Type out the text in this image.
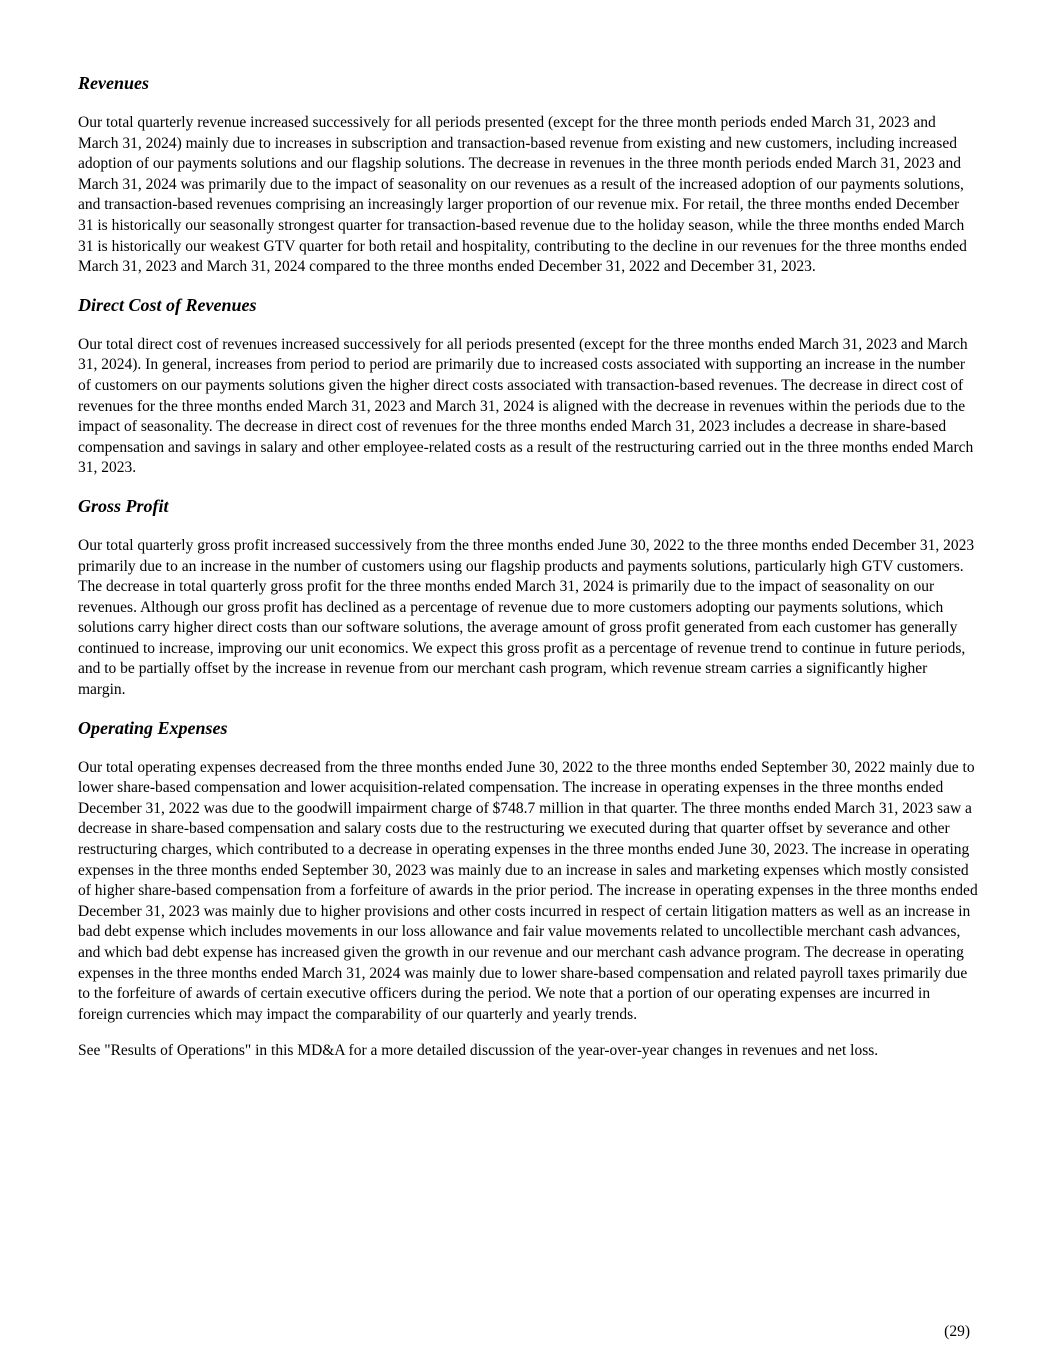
Revenues

Our total quarterly revenue increased successively for all periods presented (except for the three month periods ended March 31, 2023 and March 31, 2024) mainly due to increases in subscription and transaction-based revenue from existing and new customers, including increased adoption of our payments solutions and our flagship solutions. The decrease in revenues in the three month periods ended March 31, 2023 and March 31, 2024 was primarily due to the impact of seasonality on our revenues as a result of the increased adoption of our payments solutions, and transaction-based revenues comprising an increasingly larger proportion of our revenue mix. For retail, the three months ended December 31 is historically our seasonally strongest quarter for transaction-based revenue due to the holiday season, while the three months ended March 31 is historically our weakest GTV quarter for both retail and hospitality, contributing to the decline in our revenues for the three months ended March 31, 2023 and March 31, 2024 compared to the three months ended December 31, 2022 and December 31, 2023.

Direct Cost of Revenues

Our total direct cost of revenues increased successively for all periods presented (except for the three months ended March 31, 2023 and March 31, 2024). In general, increases from period to period are primarily due to increased costs associated with supporting an increase in the number of customers on our payments solutions given the higher direct costs associated with transaction-based revenues. The decrease in direct cost of revenues for the three months ended March 31, 2023 and March 31, 2024 is aligned with the decrease in revenues within the periods due to the impact of seasonality. The decrease in direct cost of revenues for the three months ended March 31, 2023 includes a decrease in share-based compensation and savings in salary and other employee-related costs as a result of the restructuring carried out in the three months ended March 31, 2023.

Gross Profit

Our total quarterly gross profit increased successively from the three months ended June 30, 2022 to the three months ended December 31, 2023 primarily due to an increase in the number of customers using our flagship products and payments solutions, particularly high GTV customers. The decrease in total quarterly gross profit for the three months ended March 31, 2024 is primarily due to the impact of seasonality on our revenues. Although our gross profit has declined as a percentage of revenue due to more customers adopting our payments solutions, which solutions carry higher direct costs than our software solutions, the average amount of gross profit generated from each customer has generally continued to increase, improving our unit economics. We expect this gross profit as a percentage of revenue trend to continue in future periods, and to be partially offset by the increase in revenue from our merchant cash program, which revenue stream carries a significantly higher margin.

Operating Expenses

Our total operating expenses decreased from the three months ended June 30, 2022 to the three months ended September 30, 2022 mainly due to lower share-based compensation and lower acquisition-related compensation. The increase in operating expenses in the three months ended December 31, 2022 was due to the goodwill impairment charge of $748.7 million in that quarter. The three months ended March 31, 2023 saw a decrease in share-based compensation and salary costs due to the restructuring we executed during that quarter offset by severance and other restructuring charges, which contributed to a decrease in operating expenses in the three months ended June 30, 2023. The increase in operating expenses in the three months ended September 30, 2023 was mainly due to an increase in sales and marketing expenses which mostly consisted of higher share-based compensation from a forfeiture of awards in the prior period. The increase in operating expenses in the three months ended December 31, 2023 was mainly due to higher provisions and other costs incurred in respect of certain litigation matters as well as an increase in bad debt expense which includes movements in our loss allowance and fair value movements related to uncollectible merchant cash advances, and which bad debt expense has increased given the growth in our revenue and our merchant cash advance program. The decrease in operating expenses in the three months ended March 31, 2024 was mainly due to lower share-based compensation and related payroll taxes primarily due to the forfeiture of awards of certain executive officers during the period. We note that a portion of our operating expenses are incurred in foreign currencies which may impact the comparability of our quarterly and yearly trends.

See "Results of Operations" in this MD&A for a more detailed discussion of the year-over-year changes in revenues and net loss.

(29)
